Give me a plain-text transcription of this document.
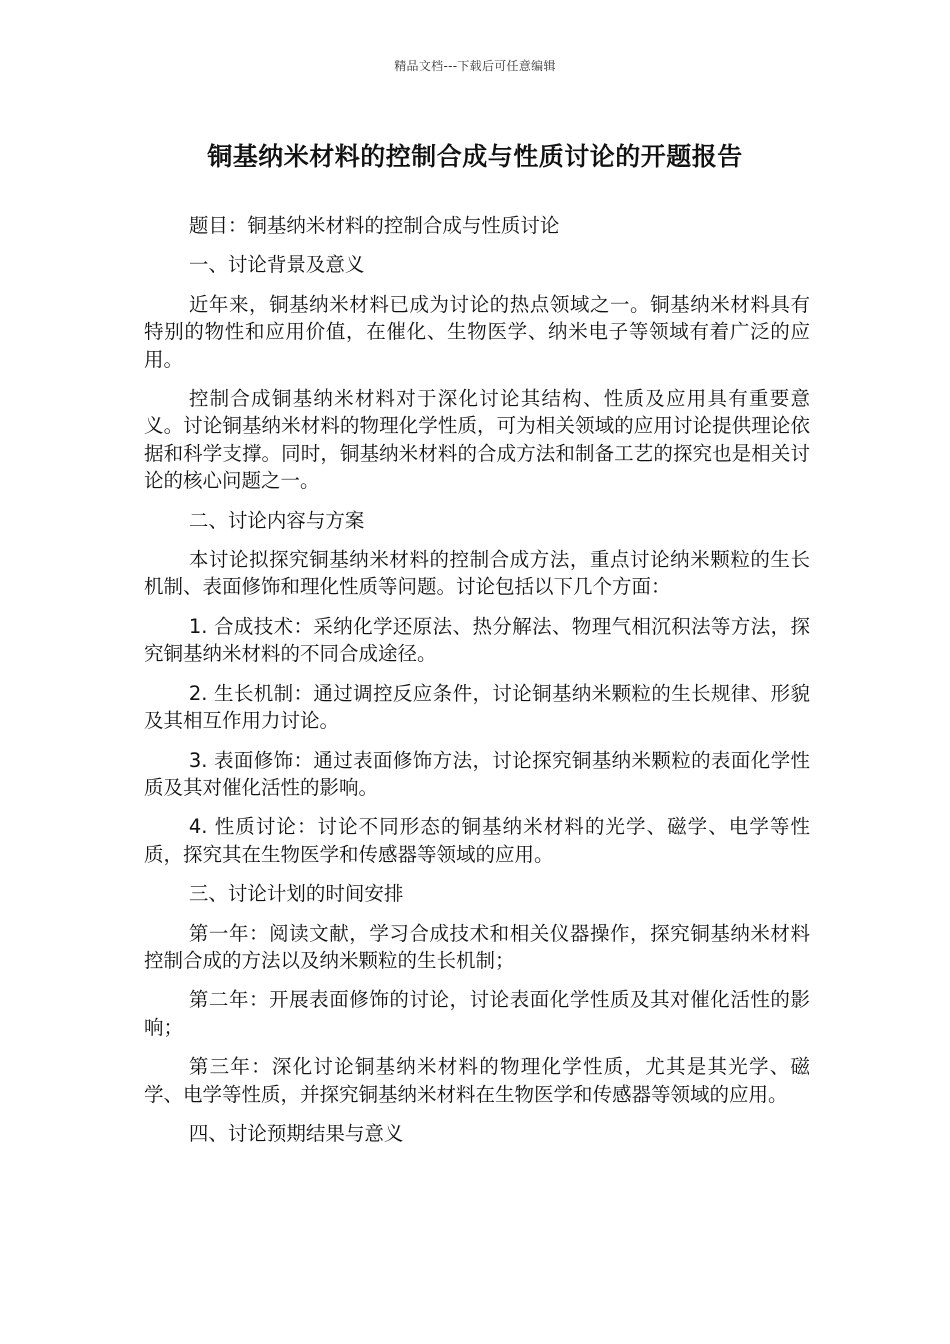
精品文档---下载后可任意编辑
铜基纳米材料的控制合成与性质讨论的开题报告

题目：铜基纳米材料的控制合成与性质讨论

一、讨论背景及意义

近年来，铜基纳米材料已成为讨论的热点领域之一。铜基纳米材料具有特别的物性和应用价值，在催化、生物医学、纳米电子等领域有着广泛的应用。

控制合成铜基纳米材料对于深化讨论其结构、性质及应用具有重要意义。讨论铜基纳米材料的物理化学性质，可为相关领域的应用讨论提供理论依据和科学支撑。同时，铜基纳米材料的合成方法和制备工艺的探究也是相关讨论的核心问题之一。

二、讨论内容与方案

本讨论拟探究铜基纳米材料的控制合成方法，重点讨论纳米颗粒的生长机制、表面修饰和理化性质等问题。讨论包括以下几个方面：

1. 合成技术：采纳化学还原法、热分解法、物理气相沉积法等方法，探究铜基纳米材料的不同合成途径。

2. 生长机制：通过调控反应条件，讨论铜基纳米颗粒的生长规律、形貌及其相互作用力讨论。

3. 表面修饰：通过表面修饰方法，讨论探究铜基纳米颗粒的表面化学性质及其对催化活性的影响。

4. 性质讨论：讨论不同形态的铜基纳米材料的光学、磁学、电学等性质，探究其在生物医学和传感器等领域的应用。

三、讨论计划的时间安排

第一年：阅读文献，学习合成技术和相关仪器操作，探究铜基纳米材料控制合成的方法以及纳米颗粒的生长机制；

第二年：开展表面修饰的讨论，讨论表面化学性质及其对催化活性的影响；

第三年：深化讨论铜基纳米材料的物理化学性质，尤其是其光学、磁学、电学等性质，并探究铜基纳米材料在生物医学和传感器等领域的应用。

四、讨论预期结果与意义
